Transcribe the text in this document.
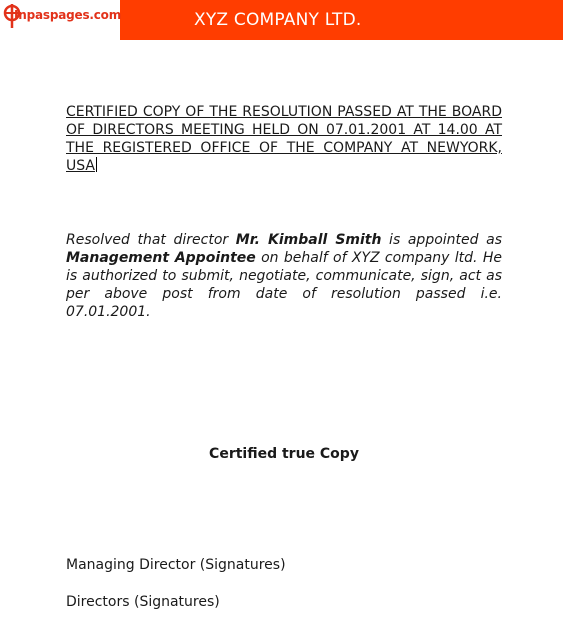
Inpaspages.com	XYZ COMPANY LTD.
CERTIFIED COPY OF THE RESOLUTION PASSED AT THE BOARD OF DIRECTORS MEETING HELD ON 07.01.2001 AT 14.00 AT THE REGISTERED OFFICE OF THE COMPANY AT NEWYORK, USA
Resolved that director Mr. Kimball Smith is appointed as Management Appointee on behalf of XYZ company ltd. He is authorized to submit, negotiate, communicate, sign, act as per above post from date of resolution passed i.e. 07.01.2001.
Certified true Copy
Managing Director (Signatures)
Directors (Signatures)
